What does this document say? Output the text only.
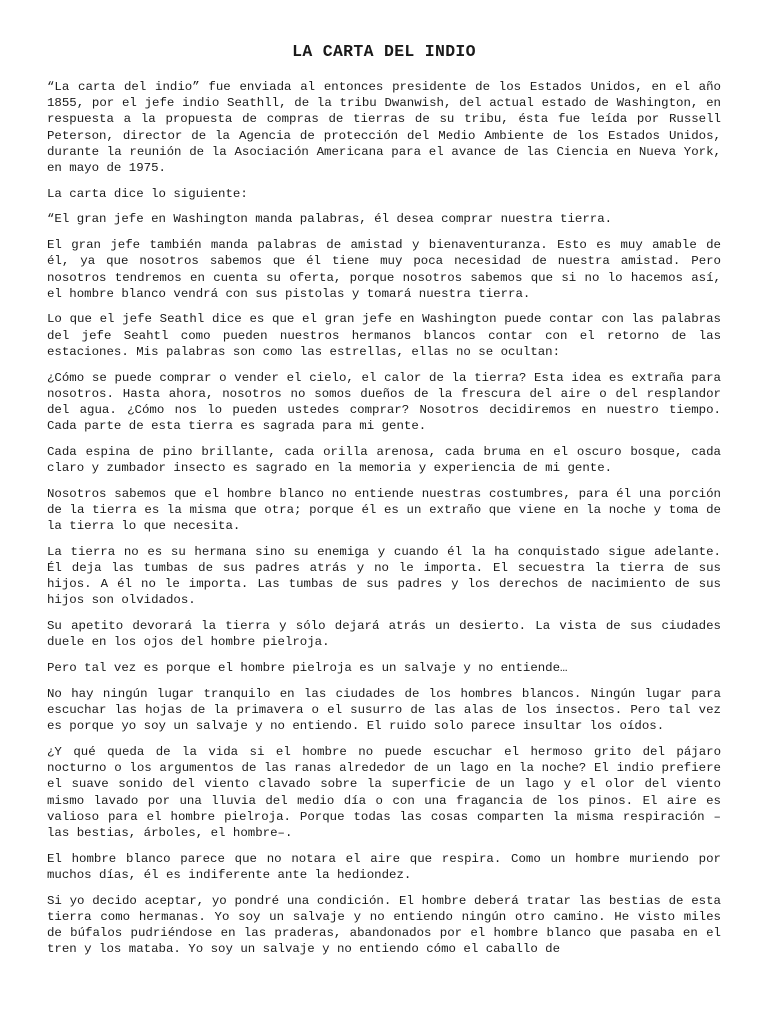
LA CARTA DEL INDIO

“La carta del indio” fue enviada al entonces presidente de los Estados Unidos, en el año 1855, por el jefe indio Seathll, de la tribu Dwanwish, del actual estado de Washington, en respuesta a la propuesta de compras de tierras de su tribu, ésta fue leída por Russell Peterson, director de la Agencia de protección del Medio Ambiente de los Estados Unidos, durante la reunión de la Asociación Americana para el avance de las Ciencia en Nueva York, en mayo de 1975.

La carta dice lo siguiente:

“El gran jefe en Washington manda palabras, él desea comprar nuestra tierra.

El gran jefe también manda palabras de amistad y bienaventuranza. Esto es muy amable de él, ya que nosotros sabemos que él tiene muy poca necesidad de nuestra amistad. Pero nosotros tendremos en cuenta su oferta, porque nosotros sabemos que si no lo hacemos así, el hombre blanco vendrá con sus pistolas y tomará nuestra tierra.

Lo que el jefe Seathl dice es que el gran jefe en Washington puede contar con las palabras del jefe Seahtl como pueden nuestros hermanos blancos contar con el retorno de las estaciones. Mis palabras son como las estrellas, ellas no se ocultan:

¿Cómo se puede comprar o vender el cielo, el calor de la tierra? Esta idea es extraña para nosotros. Hasta ahora, nosotros no somos dueños de la frescura del aire o del resplandor del agua. ¿Cómo nos lo pueden ustedes comprar? Nosotros decidiremos en nuestro tiempo. Cada parte de esta tierra es sagrada para mi gente.

Cada espina de pino brillante, cada orilla arenosa, cada bruma en el oscuro bosque, cada claro y zumbador insecto es sagrado en la memoria y experiencia de mi gente.

Nosotros sabemos que el hombre blanco no entiende nuestras costumbres, para él una porción de la tierra es la misma que otra; porque él es un extraño que viene en la noche y toma de la tierra lo que necesita.

La tierra no es su hermana sino su enemiga y cuando él la ha conquistado sigue adelante. Él deja las tumbas de sus padres atrás y no le importa. El secuestra la tierra de sus hijos. A él no le importa. Las tumbas de sus padres y los derechos de nacimiento de sus hijos son olvidados.

Su apetito devorará la tierra y sólo dejará atrás un desierto. La vista de sus ciudades duele en los ojos del hombre pielroja.

Pero tal vez es porque el hombre pielroja es un salvaje y no entiende…

No hay ningún lugar tranquilo en las ciudades de los hombres blancos. Ningún lugar para escuchar las hojas de la primavera o el susurro de las alas de los insectos. Pero tal vez es porque yo soy un salvaje y no entiendo. El ruido solo parece insultar los oídos.

¿Y qué queda de la vida si el hombre no puede escuchar el hermoso grito del pájaro nocturno o los argumentos de las ranas alrededor de un lago en la noche? El indio prefiere el suave sonido del viento clavado sobre la superficie de un lago y el olor del viento mismo lavado por una lluvia del medio día o con una fragancia de los pinos. El aire es valioso para el hombre pielroja. Porque todas las cosas comparten la misma respiración –las bestias, árboles, el hombre–.

El hombre blanco parece que no notara el aire que respira. Como un hombre muriendo por muchos días, él es indiferente ante la hediondez.

Si yo decido aceptar, yo pondré una condición. El hombre deberá tratar las bestias de esta tierra como hermanas. Yo soy un salvaje y no entiendo ningún otro camino. He visto miles de búfalos pudriéndose en las praderas, abandonados por el hombre blanco que pasaba en el tren y los mataba. Yo soy un salvaje y no entiendo cómo el caballo de
